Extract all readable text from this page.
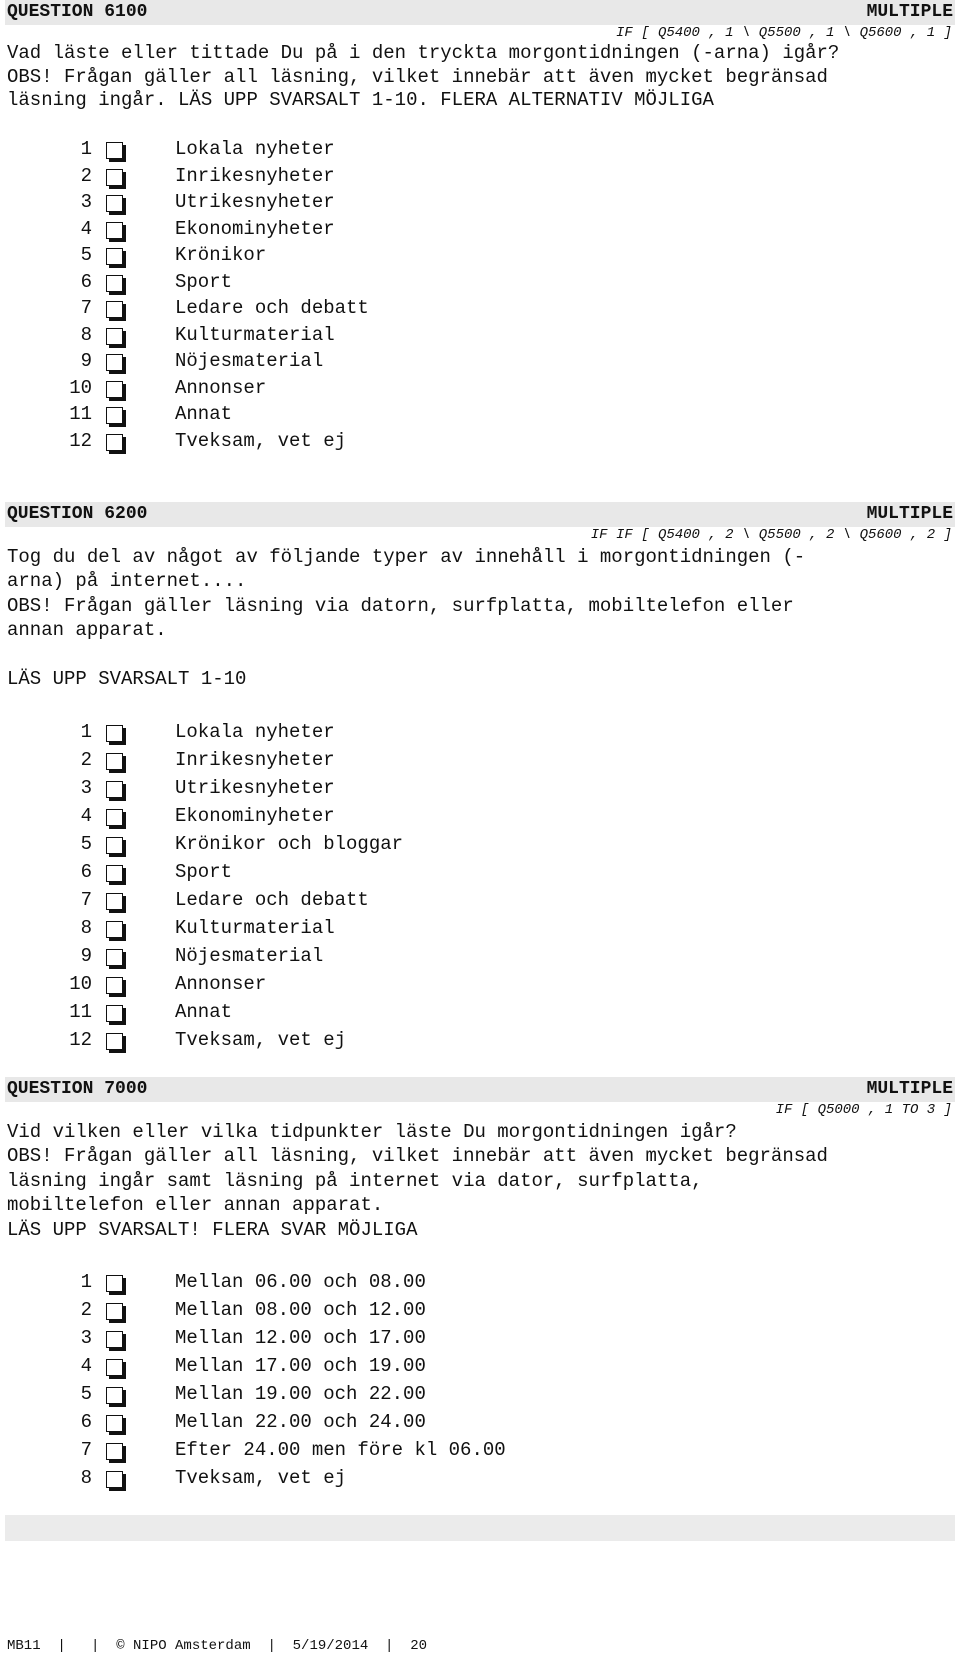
QUESTION 6100	MULTIPLE
IF [ Q5400 , 1 \ Q5500 , 1 \ Q5600 , 1 ]
Vad läste eller tittade Du på i den tryckta morgontidningen (-arna) igår?
OBS! Frågan gäller all läsning, vilket innebär att även mycket begränsad
läsning ingår. LÄS UPP SVARSALT 1-10. FLERA ALTERNATIV MÖJLIGA
1	Lokala nyheter
2	Inrikesnyheter
3	Utrikesnyheter
4	Ekonominyheter
5	Krönikor
6	Sport
7	Ledare och debatt
8	Kulturmaterial
9	Nöjesmaterial
10	Annonser
11	Annat
12	Tveksam, vet ej
QUESTION 6200	MULTIPLE
IF IF [ Q5400 , 2 \ Q5500 , 2 \ Q5600 , 2 ]
Tog du del av något av följande typer av innehåll i morgontidningen (-
arna) på internet....
OBS! Frågan gäller läsning via datorn, surfplatta, mobiltelefon eller
annan apparat.
LÄS UPP SVARSALT 1-10
1	Lokala nyheter
2	Inrikesnyheter
3	Utrikesnyheter
4	Ekonominyheter
5	Krönikor och bloggar
6	Sport
7	Ledare och debatt
8	Kulturmaterial
9	Nöjesmaterial
10	Annonser
11	Annat
12	Tveksam, vet ej
QUESTION 7000	MULTIPLE
IF [ Q5000 , 1 TO 3 ]
Vid vilken eller vilka tidpunkter läste Du morgontidningen igår?
OBS! Frågan gäller all läsning, vilket innebär att även mycket begränsad
läsning ingår samt läsning på internet via dator, surfplatta,
mobiltelefon eller annan apparat.
LÄS UPP SVARSALT! FLERA SVAR MÖJLIGA
1	Mellan 06.00 och 08.00
2	Mellan 08.00 och 12.00
3	Mellan 12.00 och 17.00
4	Mellan 17.00 och 19.00
5	Mellan 19.00 och 22.00
6	Mellan 22.00 och 24.00
7	Efter 24.00 men före kl 06.00
8	Tveksam, vet ej
MB11  |   |  © NIPO Amsterdam  |  5/19/2014  |  20
